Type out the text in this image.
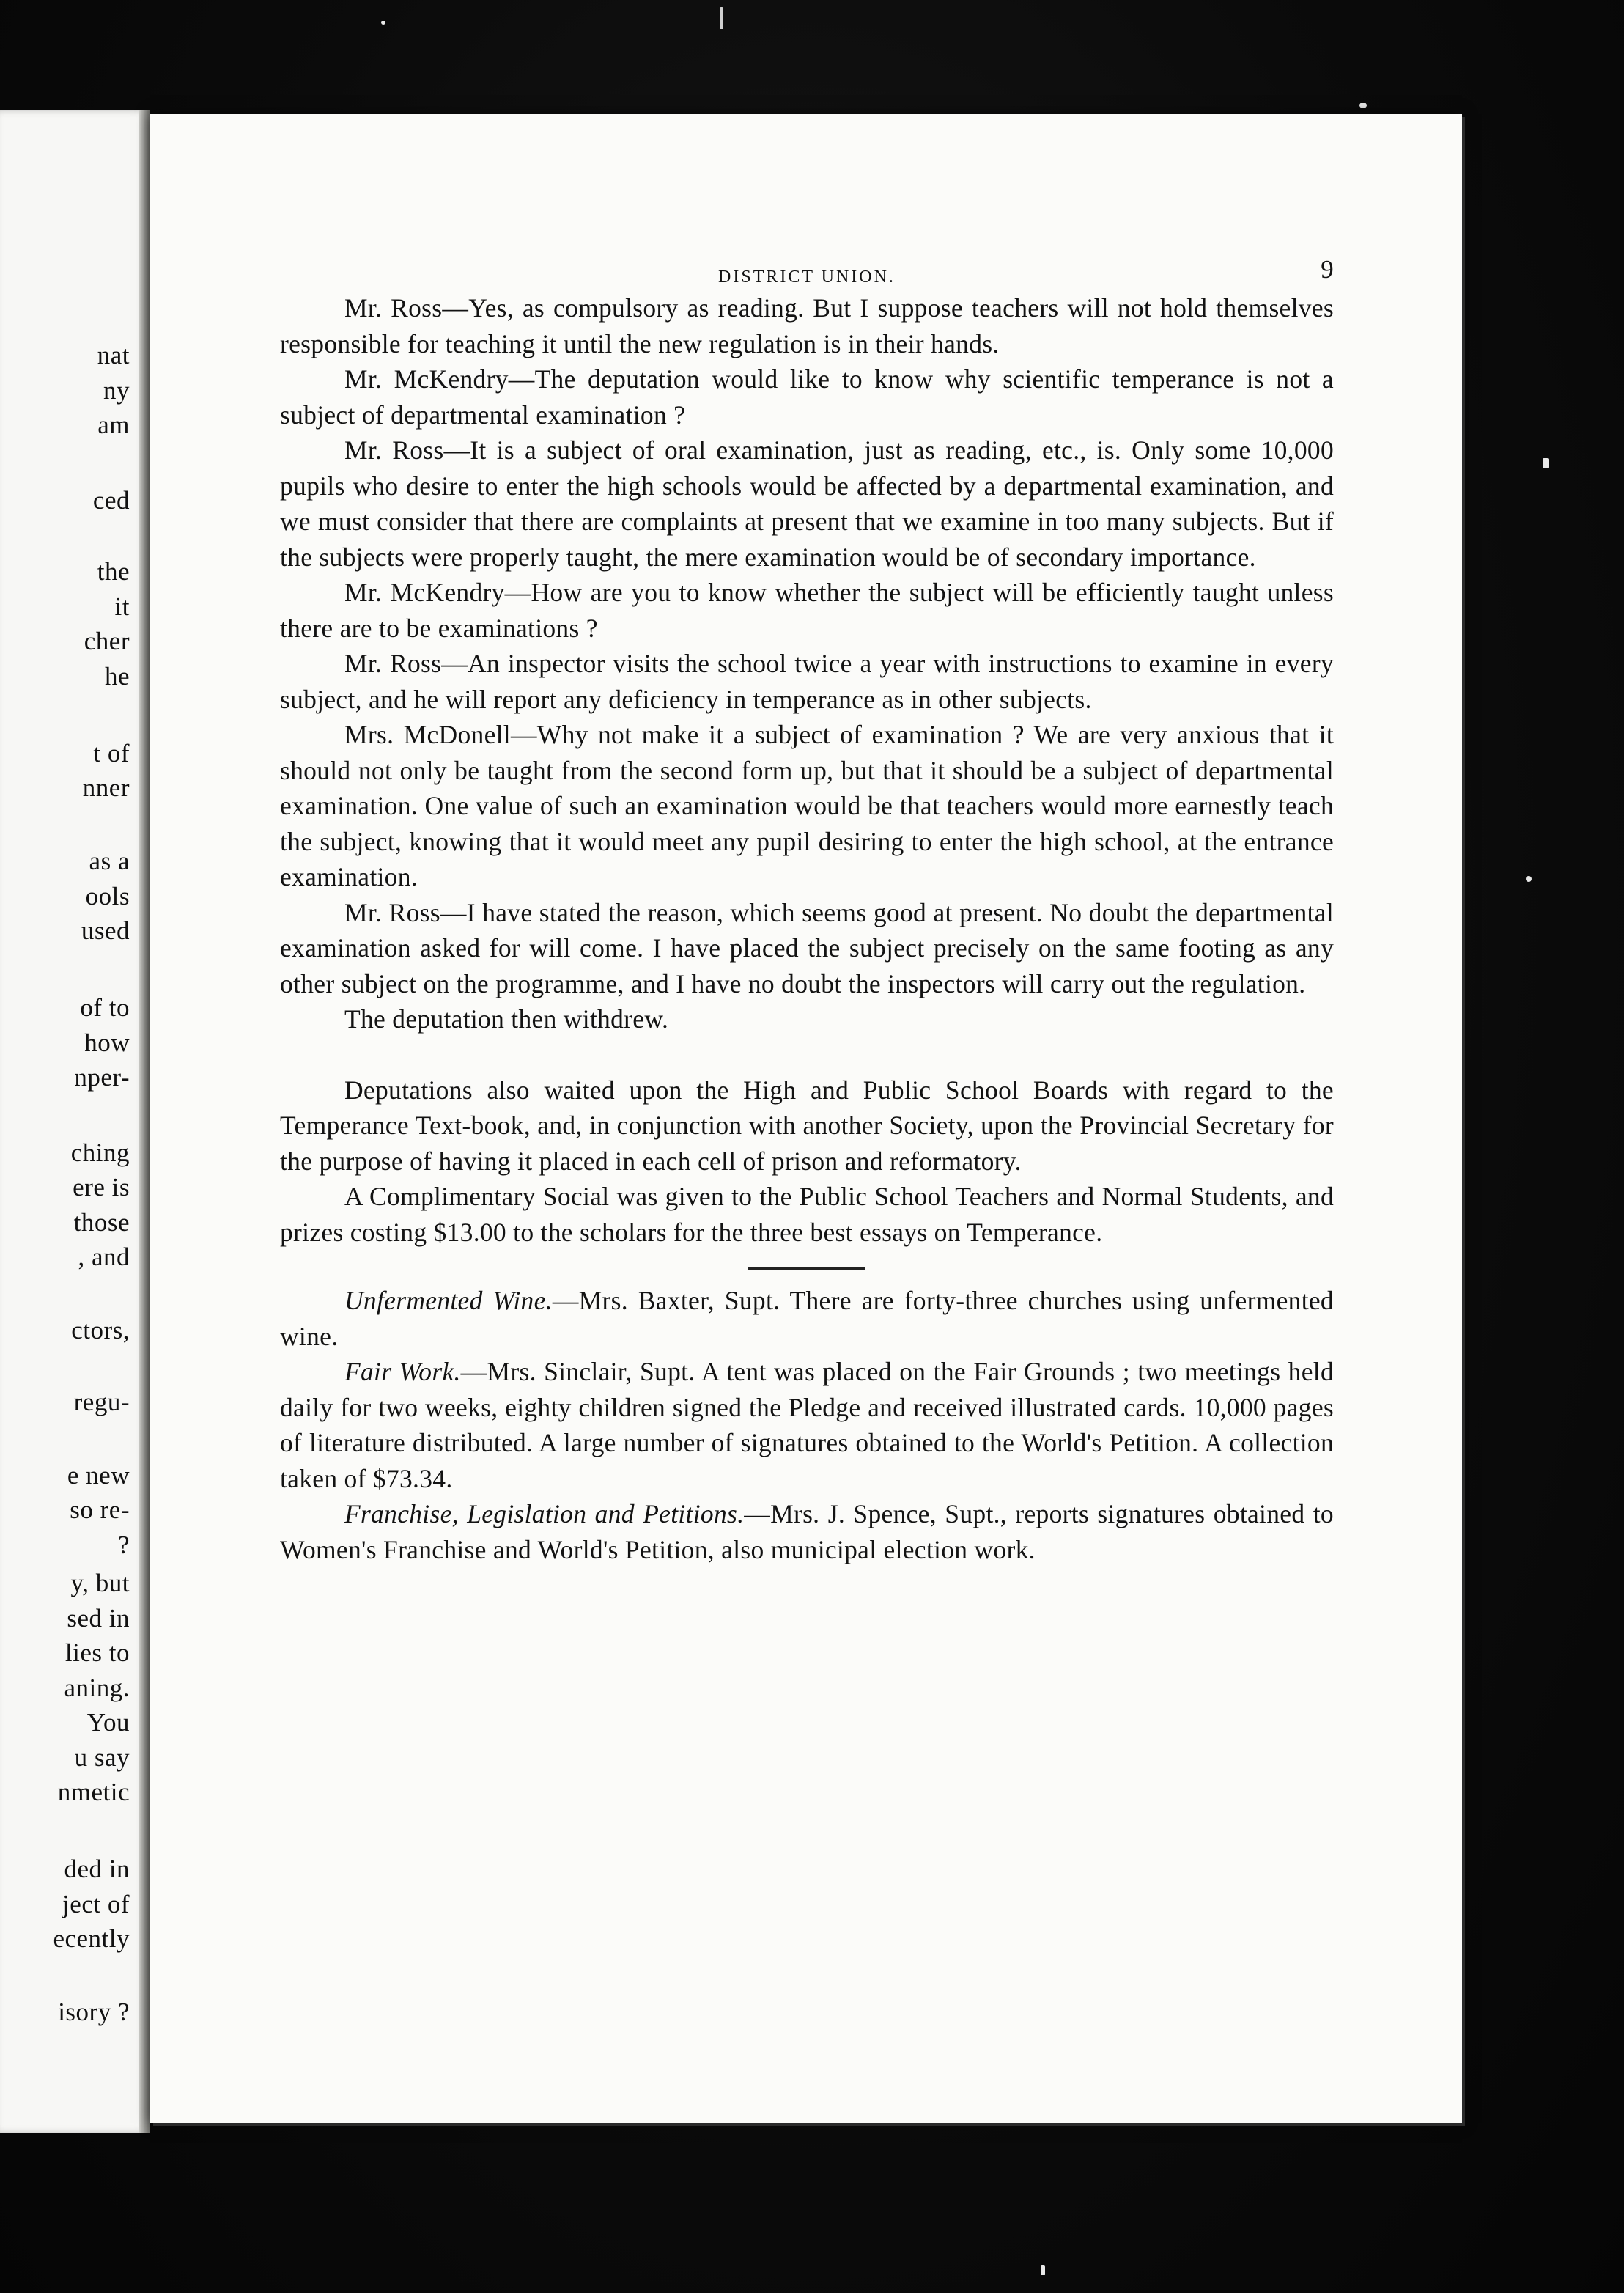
nat
ny
am
ced
the
it
cher
he
t of
nner
as a
ools
used
of to
how
nper-
ching
ere is
those
, and
ctors,
regu-
e new
so re-
?
y, but
sed in
lies to
aning.
You
u say
nmetic
ded in
ject of
ecently
isory ?
DISTRICT UNION.	9

Mr. Ross—Yes, as compulsory as reading. But I suppose teachers will not hold themselves responsible for teaching it until the new regulation is in their hands.

Mr. McKendry—The deputation would like to know why scientific temperance is not a subject of departmental examination ?

Mr. Ross—It is a subject of oral examination, just as reading, etc., is. Only some 10,000 pupils who desire to enter the high schools would be affected by a departmental examination, and we must consider that there are complaints at present that we examine in too many subjects. But if the subjects were properly taught, the mere examination would be of secondary importance.

Mr. McKendry—How are you to know whether the subject will be efficiently taught unless there are to be examinations ?

Mr. Ross—An inspector visits the school twice a year with instructions to examine in every subject, and he will report any deficiency in temperance as in other subjects.

Mrs. McDonell—Why not make it a subject of examination ? We are very anxious that it should not only be taught from the second form up, but that it should be a subject of departmental examination. One value of such an examination would be that teachers would more earnestly teach the subject, knowing that it would meet any pupil desiring to enter the high school, at the entrance examination.

Mr. Ross—I have stated the reason, which seems good at present. No doubt the departmental examination asked for will come. I have placed the subject precisely on the same footing as any other subject on the programme, and I have no doubt the inspectors will carry out the regulation.

The deputation then withdrew.

Deputations also waited upon the High and Public School Boards with regard to the Temperance Text-book, and, in conjunction with another Society, upon the Provincial Secretary for the purpose of having it placed in each cell of prison and reformatory.

A Complimentary Social was given to the Public School Teachers and Normal Students, and prizes costing $13.00 to the scholars for the three best essays on Temperance.

Unfermented Wine.—Mrs. Baxter, Supt. There are forty-three churches using unfermented wine.

Fair Work.—Mrs. Sinclair, Supt. A tent was placed on the Fair Grounds ; two meetings held daily for two weeks, eighty children signed the Pledge and received illustrated cards. 10,000 pages of literature distributed. A large number of signatures obtained to the World's Petition. A collection taken of $73.34.

Franchise, Legislation and Petitions.—Mrs. J. Spence, Supt., reports signatures obtained to Women's Franchise and World's Petition, also municipal election work.
